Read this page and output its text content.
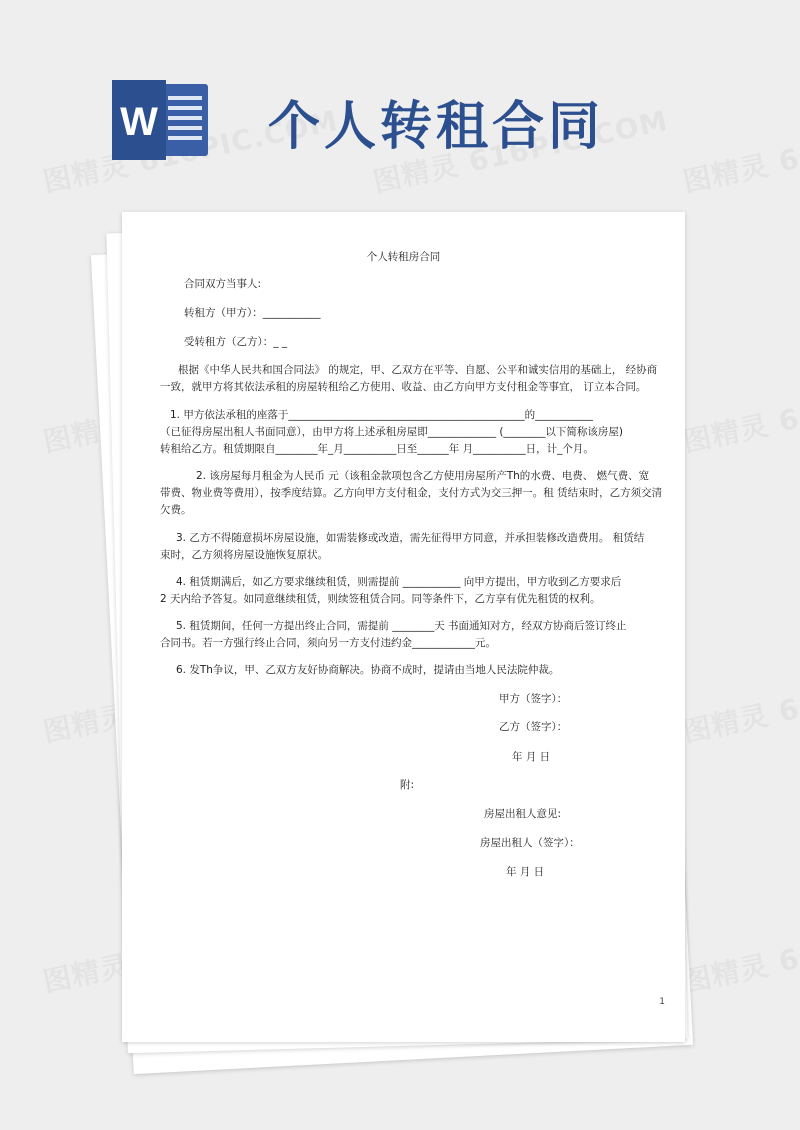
W 个人转租合同

个人转租房合同

合同双方当事人:

转租方（甲方）：___________

受转租方（乙方）：_ _

根据《中华人民共和国合同法》 的规定，甲、乙双方在平等、自愿、公平和诚实信用的基础上， 经协商

一致，就甲方将其依法承租的房屋转租给乙方使用、收益、由乙方向甲方支付租金等事宜， 订立本合同。

1. 甲方依法承租的座落于_____________________________________________的___________

（已征得房屋出租人书面同意），由甲方将上述承租房屋即_____________ (________以下简称该房屋)

转租给乙方。租赁期限自________年_月__________日至______年 月__________日，计_个月。

2. 该房屋每月租金为人民币 元（该租金款项包含乙方使用房屋所产Th的水费、电费、 燃气费、宽

带费、物业费等费用），按季度结算。乙方向甲方支付租金，支付方式为交三押一。租 赁结束时，乙方须交清

欠费。

3. 乙方不得随意损坏房屋设施，如需装修或改造，需先征得甲方同意，并承担装修改造费用。 租赁结

束时，乙方须将房屋设施恢复原状。

4. 租赁期满后，如乙方要求继续租赁，则需提前 ___________ 向甲方提出，甲方收到乙方要求后

2 天内给予答复。如同意继续租赁，则续签租赁合同。同等条件下，乙方享有优先租赁的权利。

5. 租赁期间，任何一方提出终止合同，需提前 ________天 书面通知对方，经双方协商后签订终止

合同书。若一方强行终止合同，须向另一方支付违约金____________元。

6. 发Th争议，甲、乙双方友好协商解决。协商不成时，提请由当地人民法院仲裁。

甲方（签字）：

乙方（签字）：

年 月 日

附:

房屋出租人意见:

房屋出租人（签字）：

年 月 日

1
